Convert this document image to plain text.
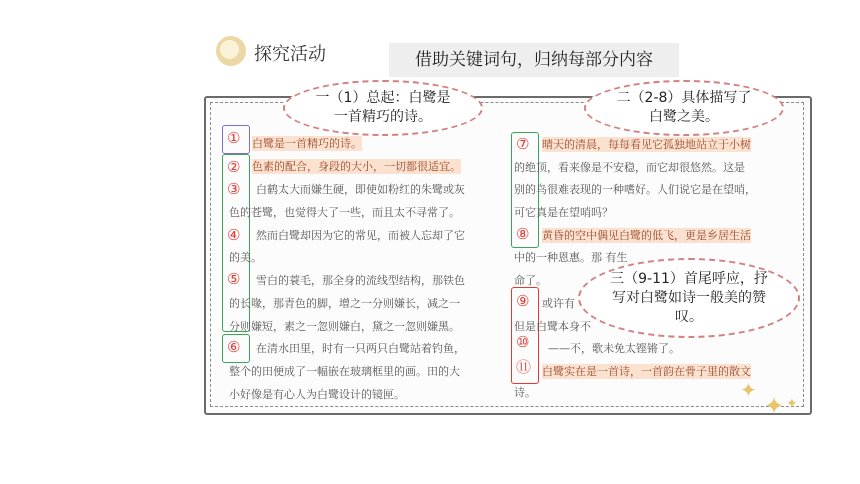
探究活动	借助关键词句，归纳每部分内容
①
②
③
④
⑤
⑥
白鹭是一首精巧的诗。
色素的配合，身段的大小，一切都很适宜。
白鹤太大而嫌生硬，即使如粉红的朱鹭或灰
色的苍鹭，也觉得大了一些，而且太不寻常了。
然而白鹭却因为它的常见，而被人忘却了它
的美。
雪白的蓑毛，那全身的流线型结构，那铁色
的长喙，那青色的脚，增之一分则嫌长，减之一
分则嫌短，素之一忽则嫌白，黛之一忽则嫌黑。
在清水田里，时有一只两只白鹭站着钓鱼，
整个的田便成了一幅嵌在玻璃框里的画。田的大
小好像是有心人为白鹭设计的镜匣。
⑦
⑧
⑨
⑩
⑪
晴天的清晨，每每看见它孤独地站立于小树
的绝顶，看来像是不安稳，而它却很悠然。这是
别的鸟很难表现的一种嗜好。人们说它是在望哨，
可它真是在望哨吗？
黄昏的空中偶见白鹭的低飞，更是乡居生活
中的一种恩惠。那 有生
命了。
或许有
但是白鹭本身不
——不，歌未免太铿锵了。
白鹭实在是一首诗，一首韵在骨子里的散文
诗。
一（1）总起：白鹭是一首精巧的诗。
二（2-8）具体描写了白鹭之美。
三（9-11）首尾呼应，抒写对白鹭如诗一般美的赞叹。
✦
✦ ✦
